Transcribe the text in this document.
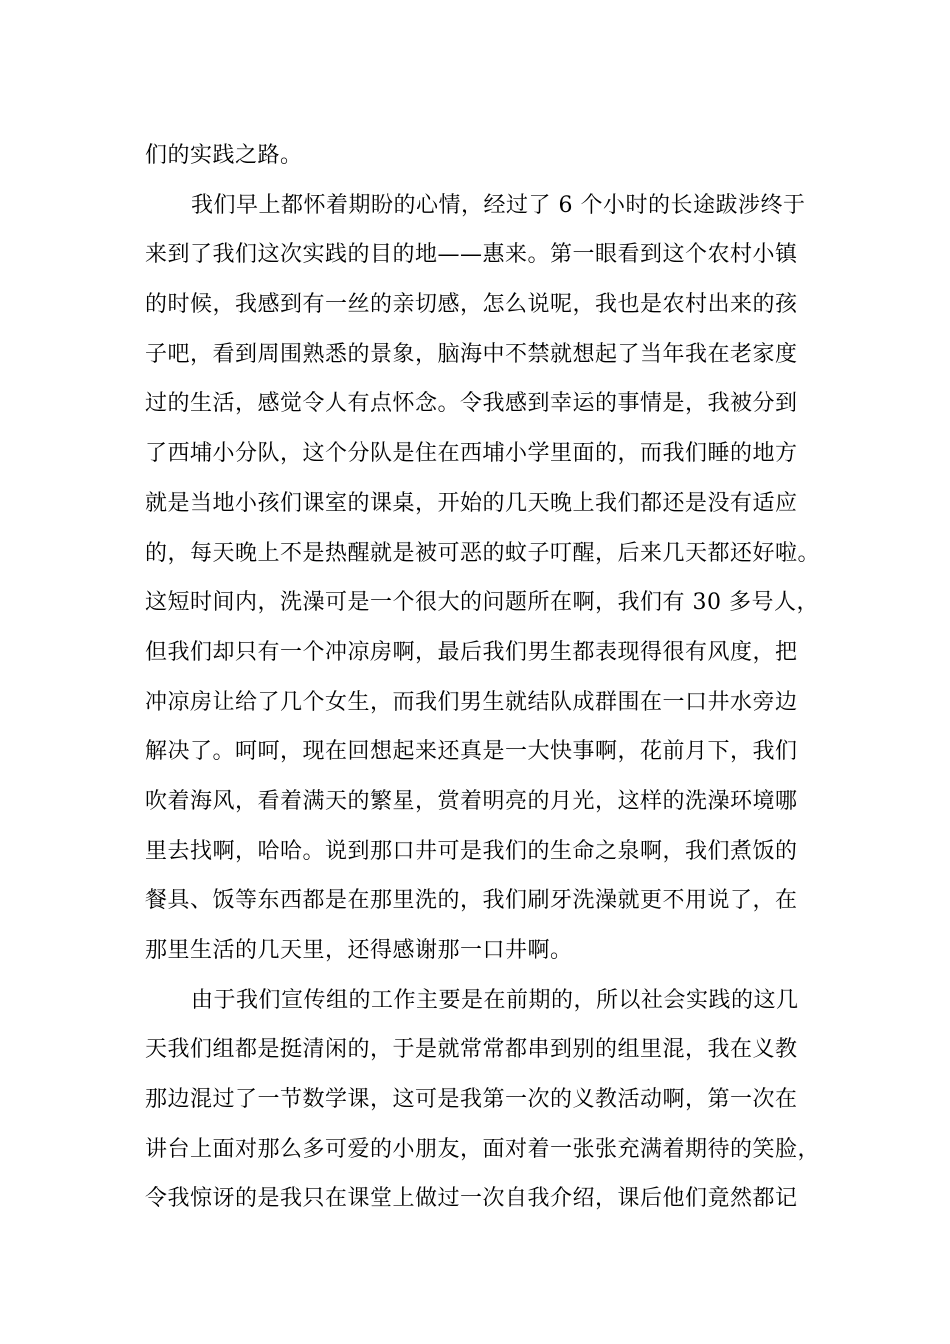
们的实践之路。
我们早上都怀着期盼的心情，经过了 6 个小时的长途跋涉终于
来到了我们这次实践的目的地——惠来。第一眼看到这个农村小镇
的时候，我感到有一丝的亲切感，怎么说呢，我也是农村出来的孩
子吧，看到周围熟悉的景象，脑海中不禁就想起了当年我在老家度
过的生活，感觉令人有点怀念。令我感到幸运的事情是，我被分到
了西埔小分队，这个分队是住在西埔小学里面的，而我们睡的地方
就是当地小孩们课室的课桌，开始的几天晚上我们都还是没有适应
的，每天晚上不是热醒就是被可恶的蚊子叮醒，后来几天都还好啦。
这短时间内，洗澡可是一个很大的问题所在啊，我们有 30 多号人，
但我们却只有一个冲凉房啊，最后我们男生都表现得很有风度，把
冲凉房让给了几个女生，而我们男生就结队成群围在一口井水旁边
解决了。呵呵，现在回想起来还真是一大快事啊，花前月下，我们
吹着海风，看着满天的繁星，赏着明亮的月光，这样的洗澡环境哪
里去找啊，哈哈。说到那口井可是我们的生命之泉啊，我们煮饭的
餐具、饭等东西都是在那里洗的，我们刷牙洗澡就更不用说了，在
那里生活的几天里，还得感谢那一口井啊。
由于我们宣传组的工作主要是在前期的，所以社会实践的这几
天我们组都是挺清闲的，于是就常常都串到别的组里混，我在义教
那边混过了一节数学课，这可是我第一次的义教活动啊，第一次在
讲台上面对那么多可爱的小朋友，面对着一张张充满着期待的笑脸，
令我惊讶的是我只在课堂上做过一次自我介绍，课后他们竟然都记
